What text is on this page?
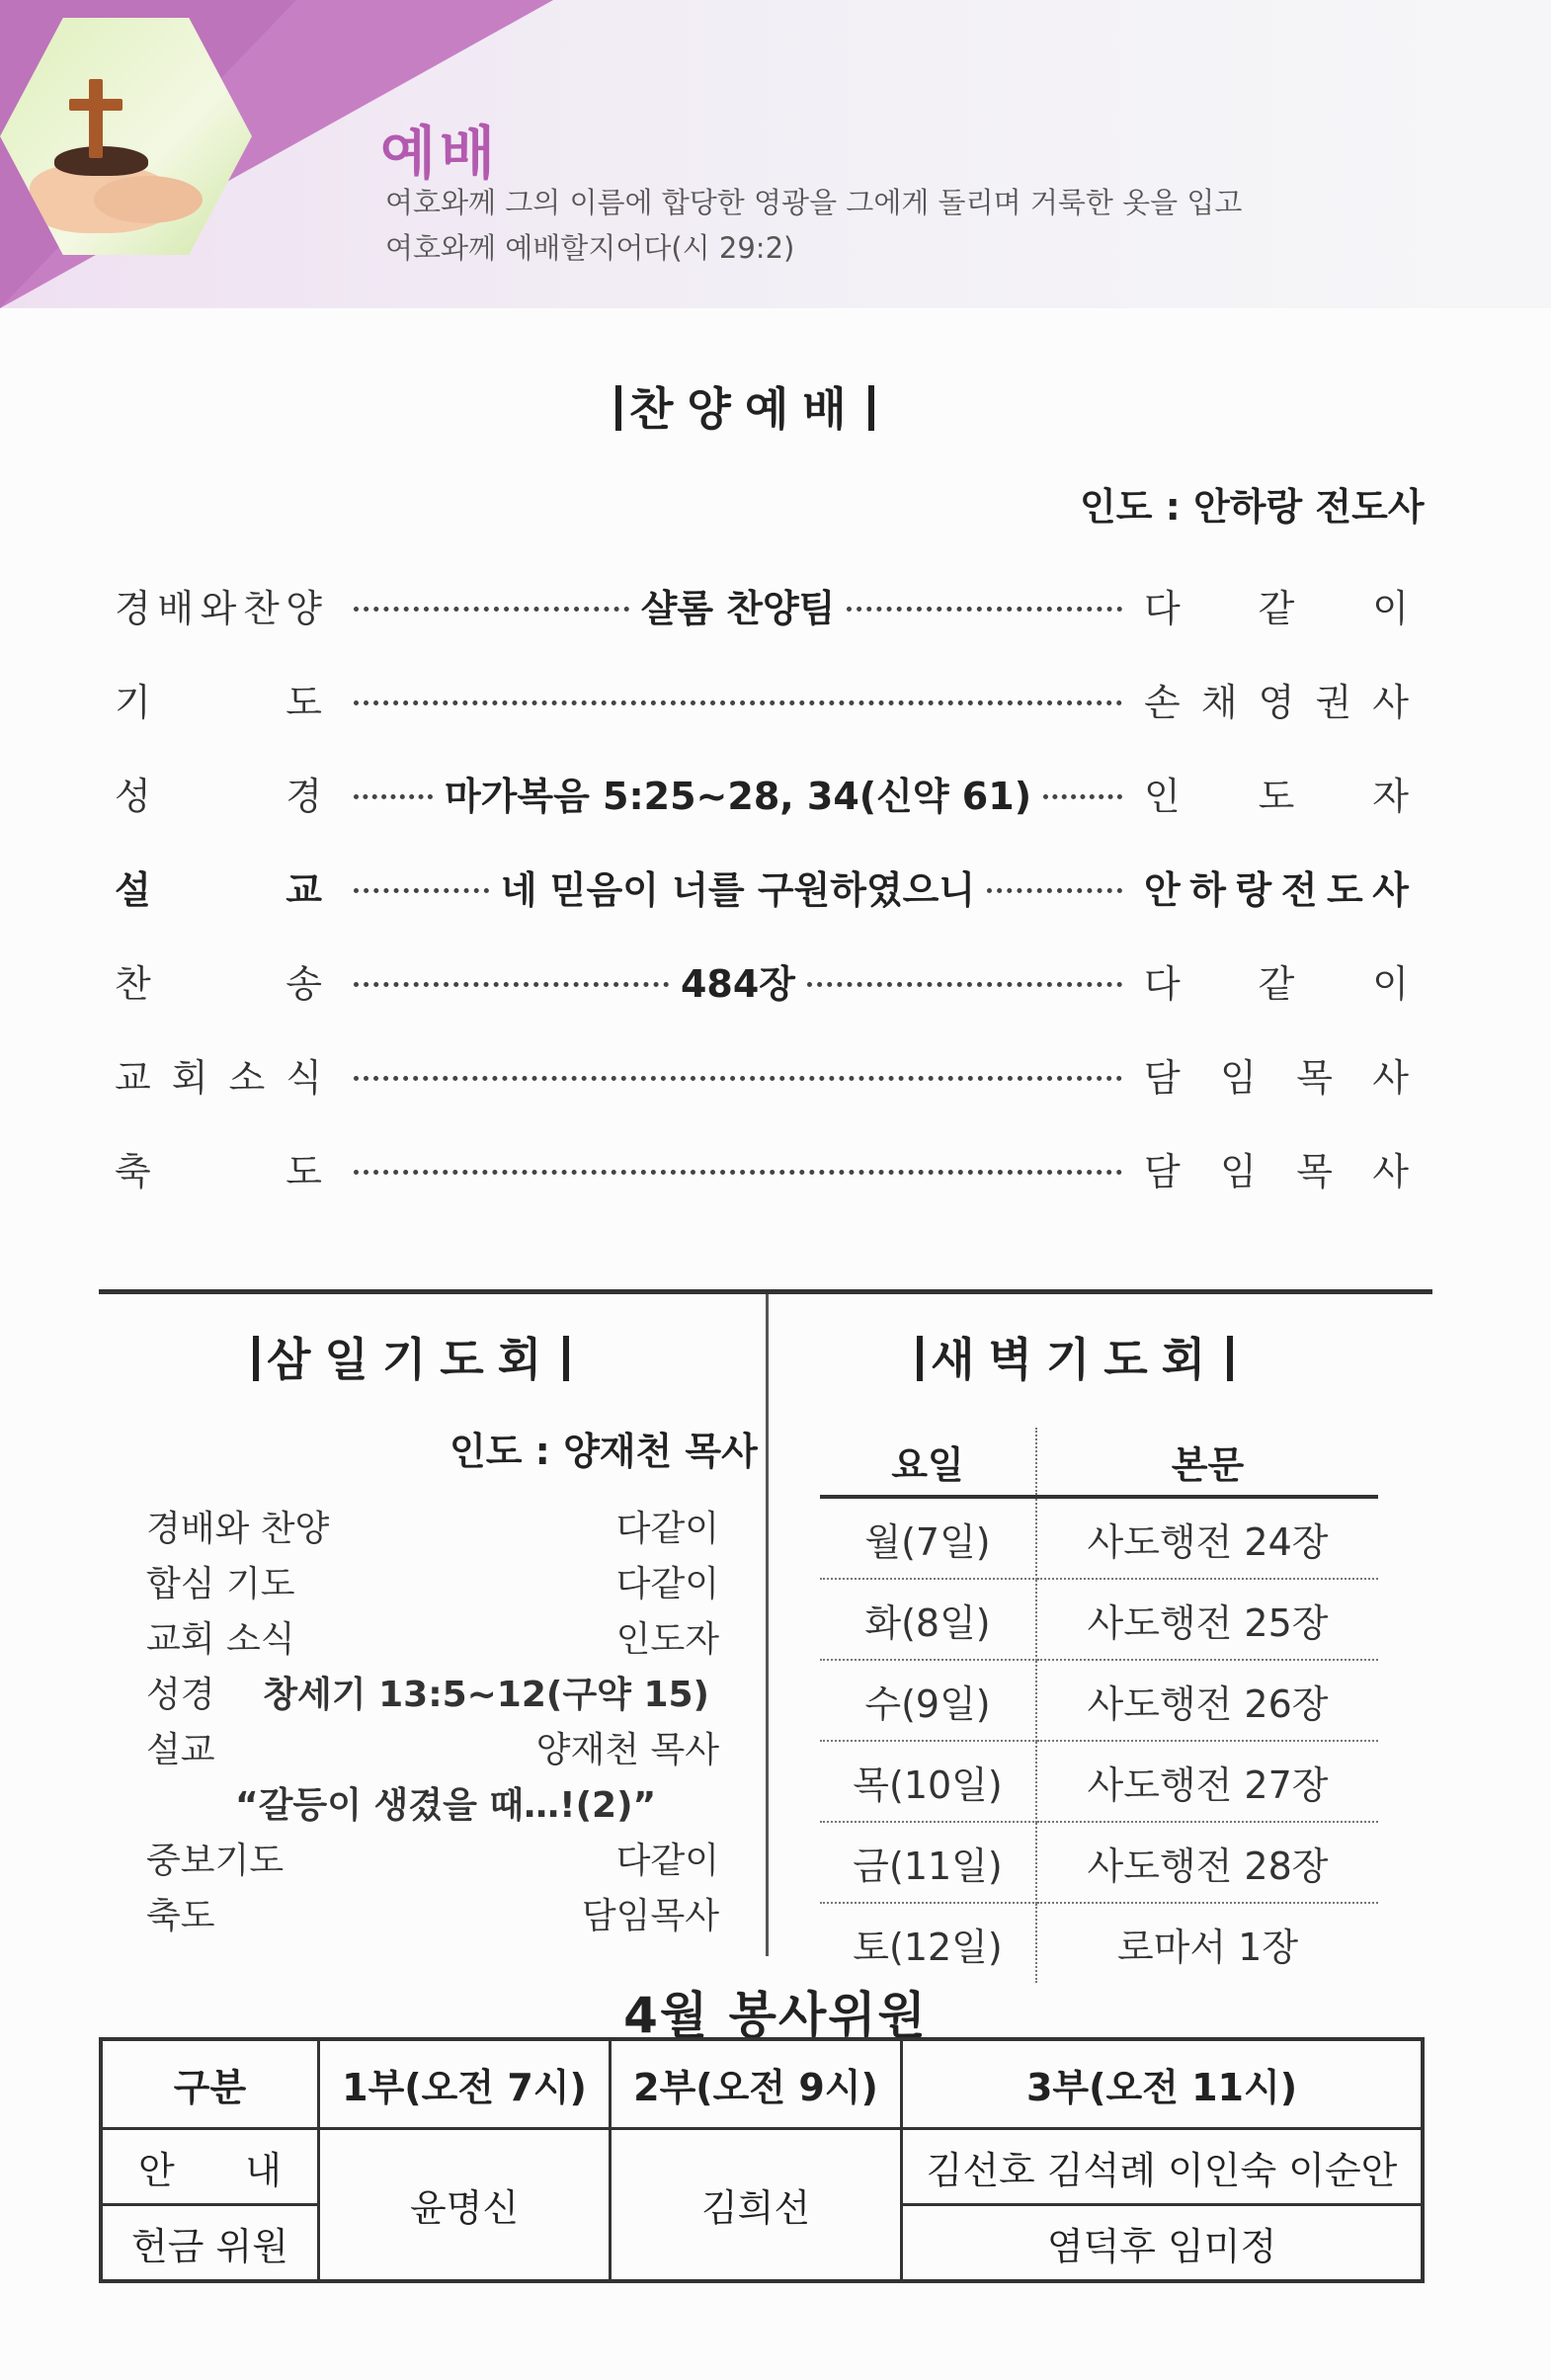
예배
여호와께 그의 이름에 합당한 영광을 그에게 돌리며 거룩한 옷을 입고
여호와께 예배할지어다(시 29:2)
찬양예배
인도 : 안하랑 전도사
경 배 와 찬 양	샬롬 찬양팀	다 같 이
기	도	손 채 영 권 사
성	경	마가복음 5:25~28, 34(신약 61)	인 도 자
설	교	네 믿음이 너를 구원하였으니	안 하 랑 전 도 사
찬	송	484장	다 같 이
교 회 소 식	담 임 목 사
축	도	담 임 목 사
삼일기도회
인도 : 양재천 목사
경배와 찬양	다같이
합심 기도	다같이
교회 소식	인도자
성경 창세기 13:5~12(구약 15)
설교	양재천 목사
“갈등이 생겼을 때…!(2)”
중보기도	다같이
축도	담임목사
새벽기도회
요일	본문
월(7일)	사도행전 24장
화(8일)	사도행전 25장
수(9일)	사도행전 26장
목(10일)	사도행전 27장
금(11일)	사도행전 28장
토(12일)	로마서 1장
4월 봉사위원
구분	1부(오전 7시)	2부(오전 9시)	3부(오전 11시)

안 내	윤명신	김희선	김선호 김석례 이인숙 이순안
헌금 위원			염덕후 임미정
